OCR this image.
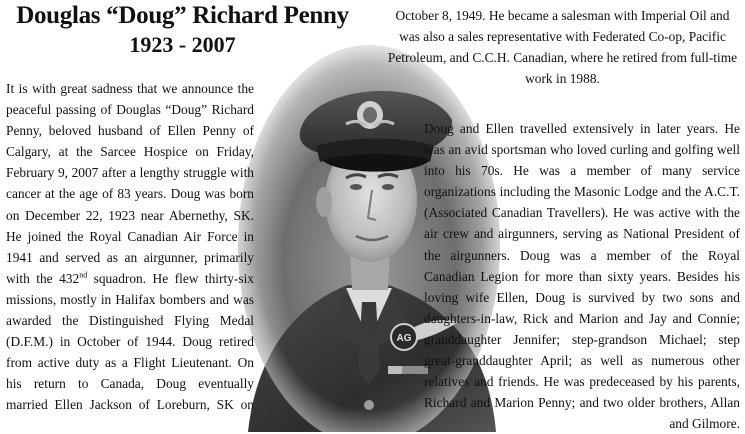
Douglas “Doug” Richard Penny
1923 - 2007

It is with great sadness that we announce the peaceful passing of Douglas “Doug” Richard Penny, beloved husband of Ellen Penny of Calgary, at the Sarcee Hospice on Friday, February 9, 2007 after a lengthy struggle with cancer at the age of 83 years. Doug was born on December 22, 1923 near Abernethy, SK. He joined the Royal Canadian Air Force in 1941 and served as an airgunner, primarily with the 432nd squadron. He flew thirty-six missions, mostly in Halifax bombers and was awarded the Distinguished Flying Medal (D.F.M.) in October of 1944. Doug retired from active duty as a Flight Lieutenant. On his return to Canada, Doug eventually married Ellen Jackson of Loreburn, SK on

October 8, 1949. He became a salesman with Imperial Oil and was also a sales representative with Federated Co-op, Pacific Petroleum, and C.C.H. Canadian, where he retired from full-time work in 1988.

Doug and Ellen travelled extensively in later years. He was an avid sportsman who loved curling and golfing well into his 70s. He was a member of many service organizations including the Masonic Lodge and the A.C.T. (Associated Canadian Travellers). He was active with the air crew and airgunners, serving as National President of the airgunners. Doug was a member of the Royal Canadian Legion for more than sixty years. Besides his loving wife Ellen, Doug is survived by two sons and daughters-in-law, Rick and Marion and Jay and Connie; granddaughter Jennifer; step-grandson Michael; step great-granddaughter April; as well as numerous other relatives and friends. He was predeceased by his parents, Richard and Marion Penny; and two older brothers, Allan and Gilmore.
